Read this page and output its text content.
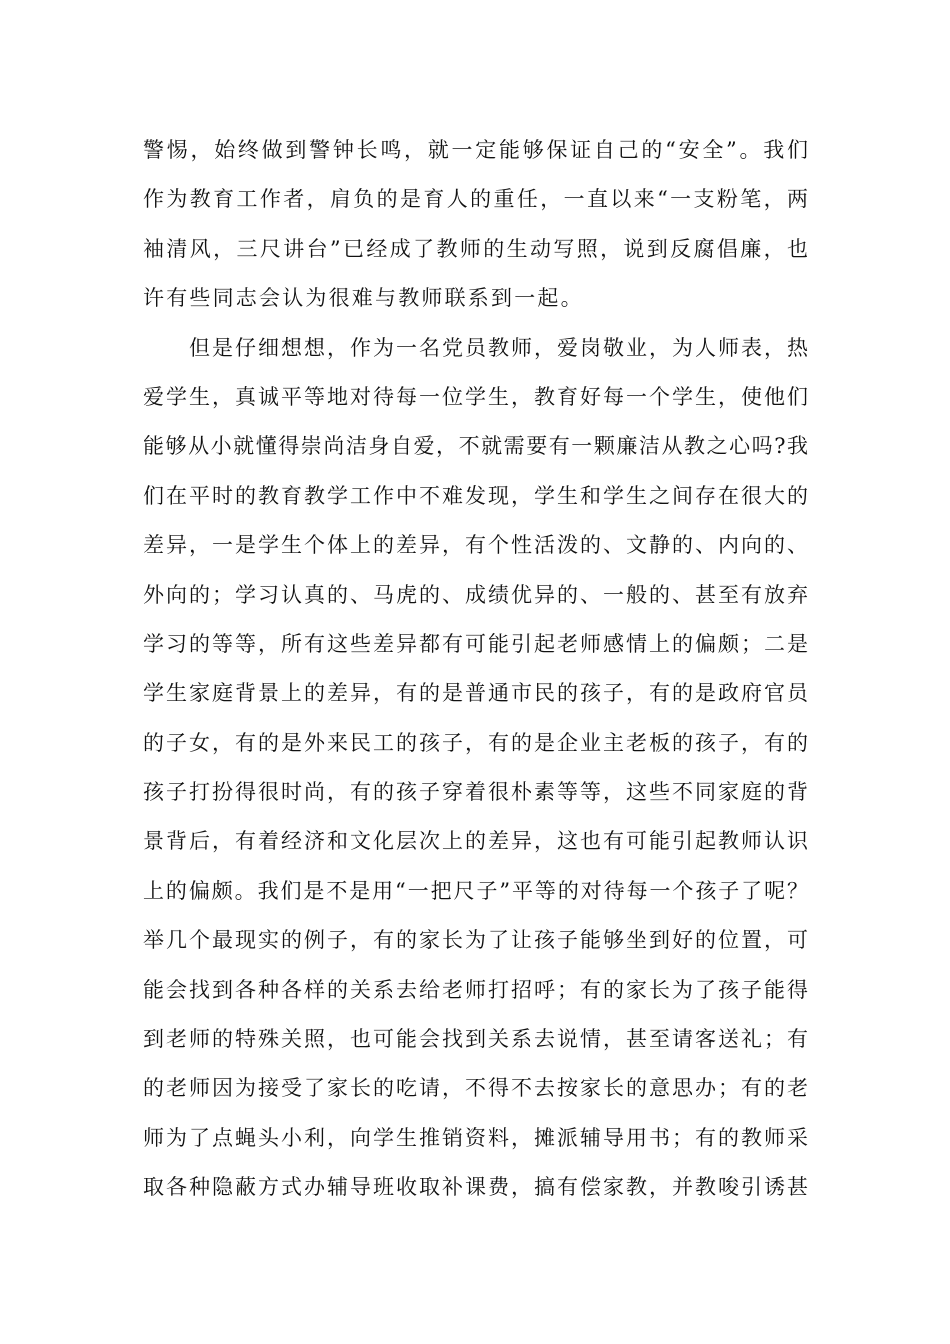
警惕，始终做到警钟长鸣，就一定能够保证自己的“安全”。我们
作为教育工作者，肩负的是育人的重任，一直以来“一支粉笔，两
袖清风，三尺讲台”已经成了教师的生动写照，说到反腐倡廉，也
许有些同志会认为很难与教师联系到一起。
但是仔细想想，作为一名党员教师，爱岗敬业，为人师表，热
爱学生，真诚平等地对待每一位学生，教育好每一个学生，使他们
能够从小就懂得崇尚洁身自爱，不就需要有一颗廉洁从教之心吗?我
们在平时的教育教学工作中不难发现，学生和学生之间存在很大的
差异，一是学生个体上的差异，有个性活泼的、文静的、内向的、
外向的；学习认真的、马虎的、成绩优异的、一般的、甚至有放弃
学习的等等，所有这些差异都有可能引起老师感情上的偏颇；二是
学生家庭背景上的差异，有的是普通市民的孩子，有的是政府官员
的子女，有的是外来民工的孩子，有的是企业主老板的孩子，有的
孩子打扮得很时尚，有的孩子穿着很朴素等等，这些不同家庭的背
景背后，有着经济和文化层次上的差异，这也有可能引起教师认识
上的偏颇。我们是不是用“一把尺子”平等的对待每一个孩子了呢？
举几个最现实的例子，有的家长为了让孩子能够坐到好的位置，可
能会找到各种各样的关系去给老师打招呼；有的家长为了孩子能得
到老师的特殊关照，也可能会找到关系去说情，甚至请客送礼；有
的老师因为接受了家长的吃请，不得不去按家长的意思办；有的老
师为了点蝇头小利，向学生推销资料，摊派辅导用书；有的教师采
取各种隐蔽方式办辅导班收取补课费，搞有偿家教，并教唆引诱甚
